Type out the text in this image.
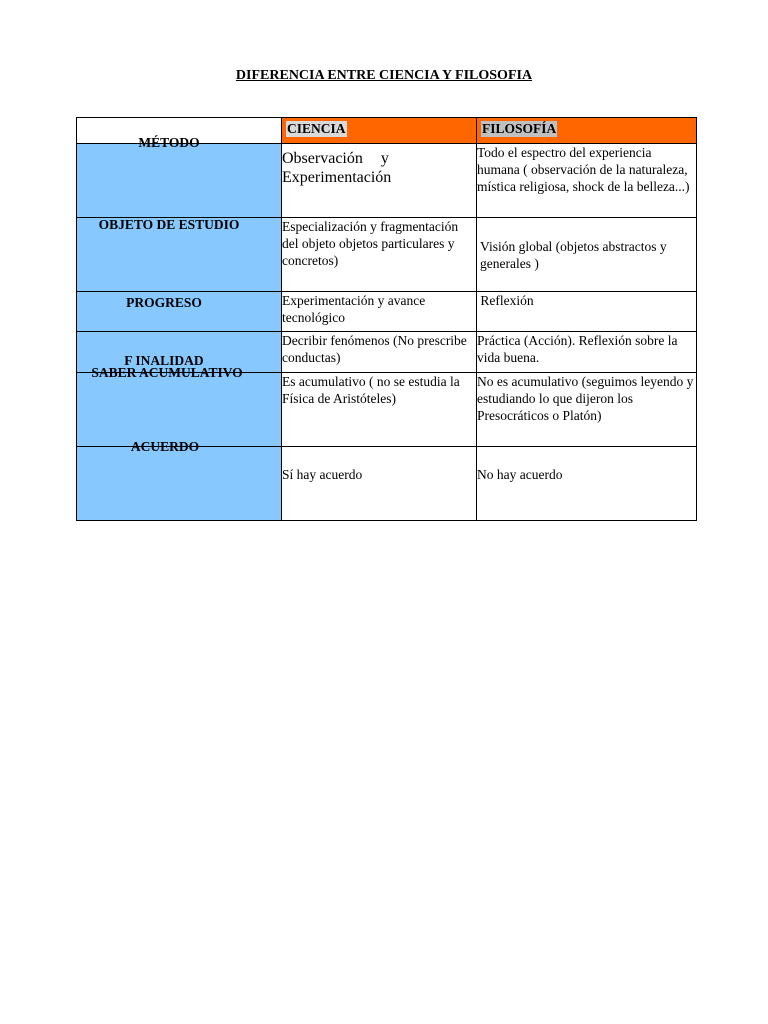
DIFERENCIA ENTRE CIENCIA Y FILOSOFIA
	CIENCIA	FILOSOFÍA
MÉTODO	Observación y Experimentación	Todo el espectro del experiencia humana ( observación de la naturaleza, mística religiosa, shock de la belleza...)
OBJETO DE ESTUDIO	Especialización y fragmentación del objeto objetos particulares y concretos)	Visión global (objetos abstractos y generales )
PROGRESO	Experimentación y avance tecnológico	Reflexión
F INALIDAD	Decribir fenómenos (No prescribe conductas)	Práctica (Acción). Reflexión sobre la vida buena.
SABER ACUMULATIVO	Es acumulativo ( no se estudia la Física de Aristóteles)	No es acumulativo (seguimos leyendo y estudiando lo que dijeron los Presocráticos o Platón)
ACUERDO	Sí hay acuerdo	No hay acuerdo
